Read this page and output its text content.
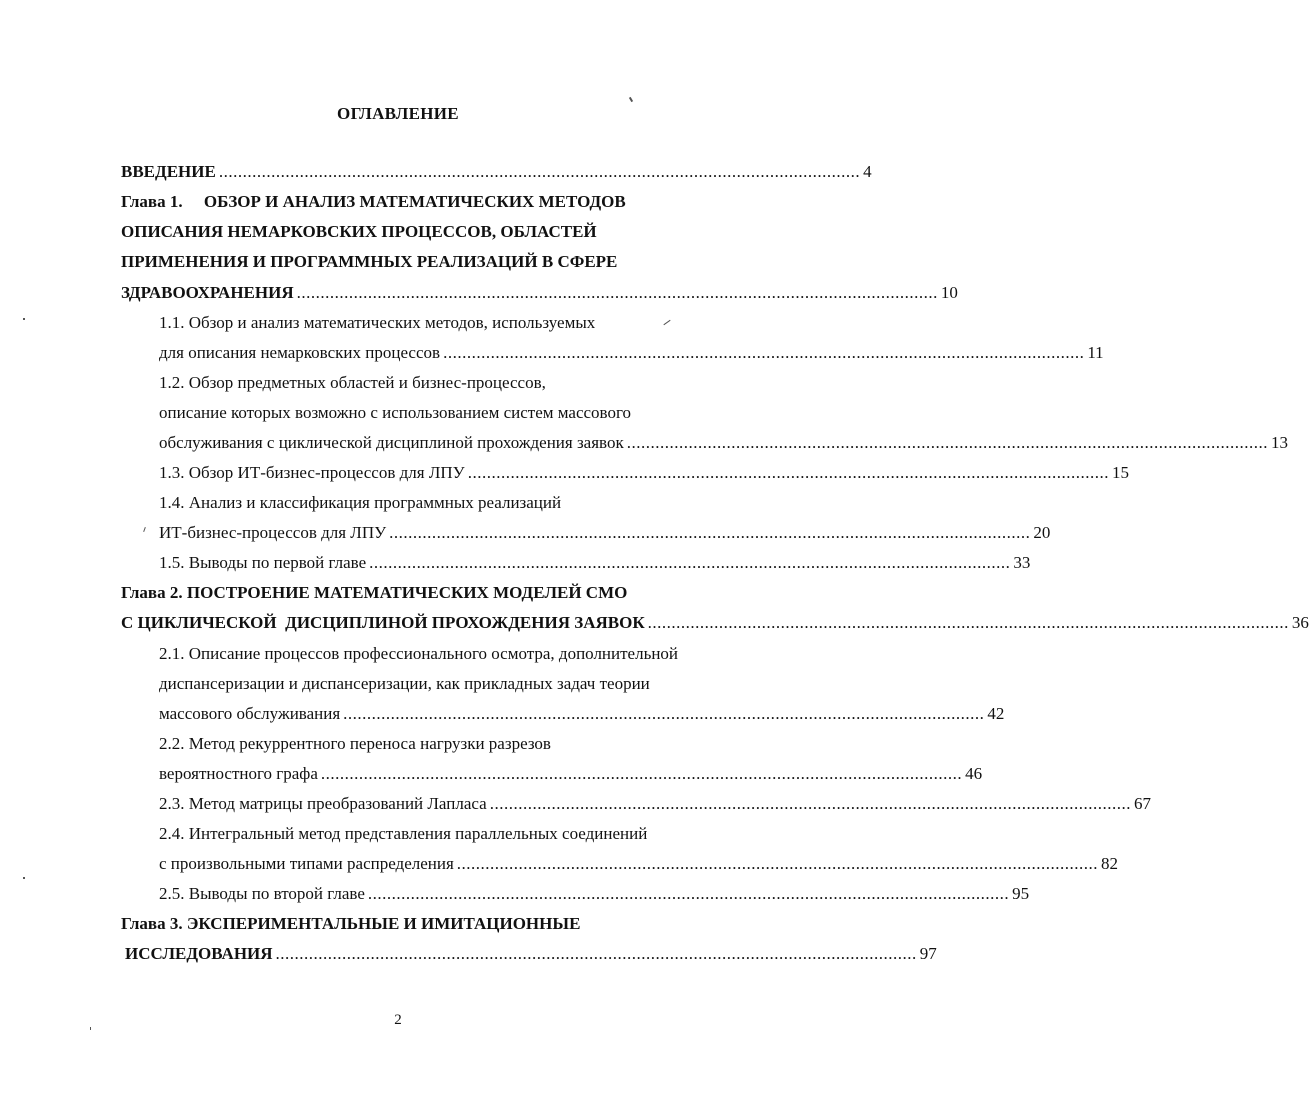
ОГЛАВЛЕНИЕ
ВВЕДЕНИЕ ....................................................................................................................................... 4
Глава 1.     ОБЗОР И АНАЛИЗ МАТЕМАТИЧЕСКИХ МЕТОДОВ
ОПИСАНИЯ НЕМАРКОВСКИХ ПРОЦЕССОВ, ОБЛАСТЕЙ
ПРИМЕНЕНИЯ И ПРОГРАММНЫХ РЕАЛИЗАЦИЙ В СФЕРЕ
ЗДРАВООХРАНЕНИЯ ....................................................................................................................................... 10
1.1. Обзор и анализ математических методов, используемых
для описания немарковских процессов ....................................................................................................................................... 11
1.2. Обзор предметных областей и бизнес-процессов,
описание которых возможно с использованием систем массового
обслуживания с циклической дисциплиной прохождения заявок ....................................................................................................................................... 13
1.3. Обзор ИТ-бизнес-процессов для ЛПУ ....................................................................................................................................... 15
1.4. Анализ и классификация программных реализаций
ИТ-бизнес-процессов для ЛПУ ....................................................................................................................................... 20
1.5. Выводы по первой главе ....................................................................................................................................... 33
Глава 2. ПОСТРОЕНИЕ МАТЕМАТИЧЕСКИХ МОДЕЛЕЙ СМО
С ЦИКЛИЧЕСКОЙ  ДИСЦИПЛИНОЙ ПРОХОЖДЕНИЯ ЗАЯВОК ....................................................................................................................................... 36
2.1. Описание процессов профессионального осмотра, дополнительной
диспансеризации и диспансеризации, как прикладных задач теории
массового обслуживания ....................................................................................................................................... 42
2.2. Метод рекуррентного переноса нагрузки разрезов
вероятностного графа ....................................................................................................................................... 46
2.3. Метод матрицы преобразований Лапласа ....................................................................................................................................... 67
2.4. Интегральный метод представления параллельных соединений
с произвольными типами распределения ....................................................................................................................................... 82
2.5. Выводы по второй главе ....................................................................................................................................... 95
Глава 3. ЭКСПЕРИМЕНТАЛЬНЫЕ И ИМИТАЦИОННЫЕ
ИССЛЕДОВАНИЯ ....................................................................................................................................... 97
2
